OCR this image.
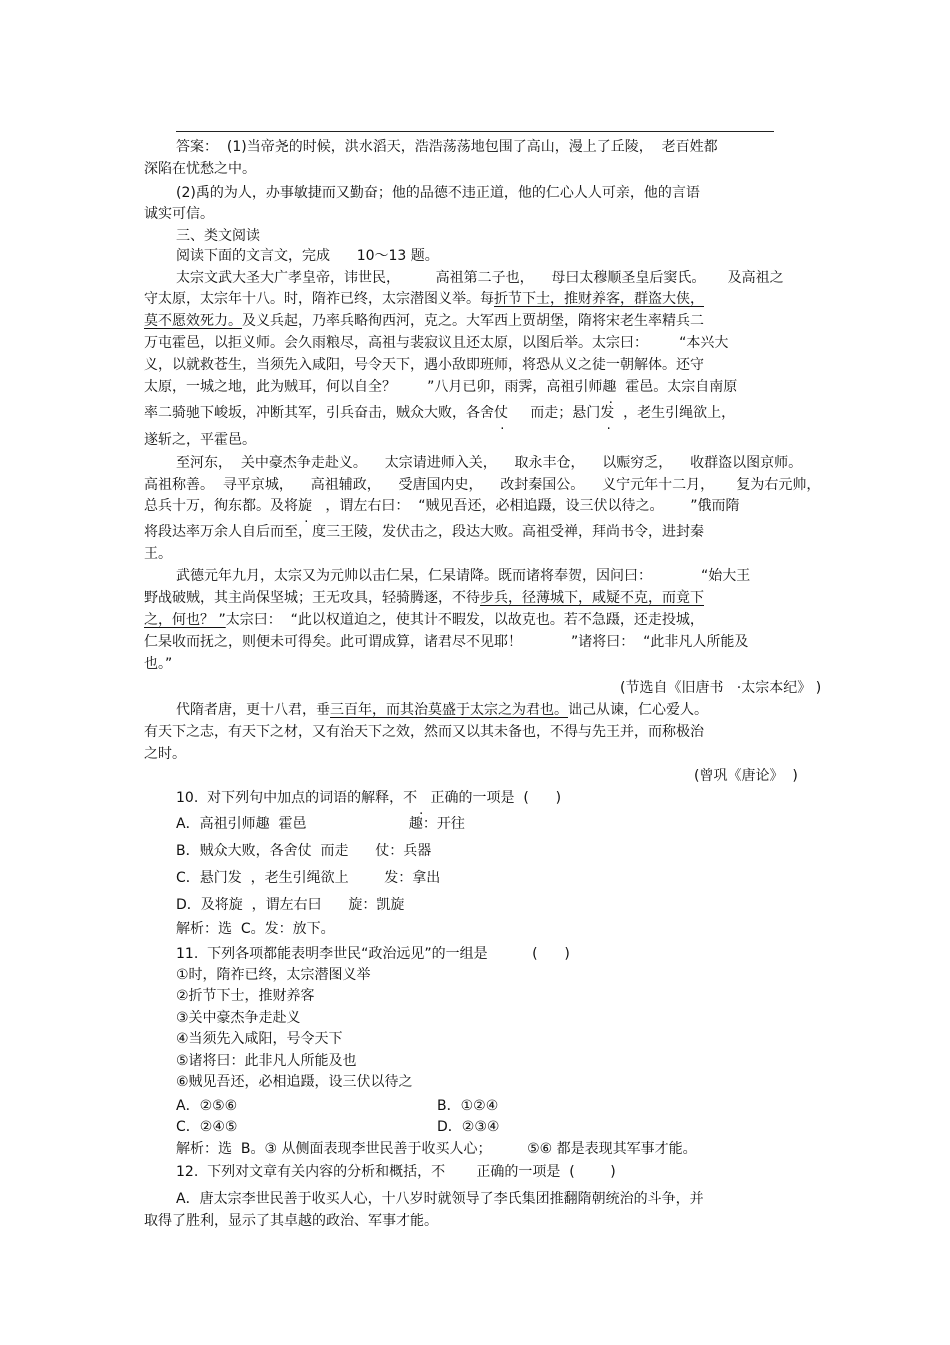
答案：  (1)当帝尧的时候，洪水滔天，浩浩荡荡地包围了高山，漫上了丘陵，  老百姓都
深陷在忧愁之中。
(2)禹的为人，办事敏捷而又勤奋；他的品德不违正道，他的仁心人人可亲，他的言语
诚实可信。
三、类文阅读
阅读下面的文言文，完成      10～13 题。
太宗文武大圣大广孝皇帝，讳世民，        高祖第二子也，    母曰太穆顺圣皇后窦氏。     及高祖之
守太原，太宗年十八。时，隋祚已终，太宗潜图义举。每折节下士，推财养客，群盗大侠，
莫不愿效死力。及义兵起，乃率兵略徇西河，克之。大军西上贾胡堡，隋将宋老生率精兵二
万屯霍邑，以拒义师。会久雨粮尽，高祖与裴寂议且还太原，以图后举。太宗曰：       “本兴大
义，以就救苍生，当须先入咸阳，号令天下，遇小敌即班师，将恐从义之徒一朝解体。还守
太原，一城之地，此为贼耳，何以自全？       ”八月已卯，雨霁，高祖引师趣  霍邑。太宗自南原
率二骑驰下峻坂，冲断其军，引兵奋击，贼众大败，各舍仗     而走；悬门发  ，老生引绳欲上，
遂斩之，平霍邑。
至河东，  关中豪杰争走赴义。    太宗请进师入关，    取永丰仓，    以赈穷乏，    收群盗以图京师。
高祖称善。  寻平京城，    高祖辅政，    受唐国内史，    改封秦国公。    义宁元年十二月，     复为右元帅，
总兵十万，徇东都。及将旋   ，谓左右曰：  “贼见吾还，必相追蹑，设三伏以待之。      ”俄而隋
将段达率万余人自后而至，度三王陵，发伏击之，段达大败。高祖受禅，拜尚书令，进封秦
王。
武德元年九月，太宗又为元帅以击仁杲，仁杲请降。既而诸将奉贺，因问曰：           “始大王
野战破贼，其主尚保坚城；王无攻具，轻骑腾逐，不待步兵，径薄城下，咸疑不克，而竟下
之，何也？ ”太宗曰：  “此以权道迫之，使其计不暇发，以故克也。若不急蹑，还走投城，
仁杲收而抚之，则便未可得矣。此可谓成算，诸君尽不见耶！           ”诸将曰：  “此非凡人所能及
也。”
(节选自《旧唐书   ·太宗本纪》 )
代隋者唐，更十八君，垂三百年，而其治莫盛于太宗之为君也。诎己从谏，仁心爱人。
有天下之志，有天下之材，又有治天下之效，然而又以其未备也，不得与先王并，而称极治
之时。
(曾巩《唐论》  )
10.  对下列句中加点的词语的解释，不  .  正确的一项是  (      )
A．高祖引师趣  霍邑                       趣：开往
B．贼众大败，各舍仗  而走      仗：兵器
C．悬门发  ，老生引绳欲上        发：拿出
D．及将旋  ，谓左右曰      旋：凯旋
解析：选  C。发：放下。
11.  下列各项都能表明李世民“政治远见”的一组是          (      )
①时，隋祚已终，太宗潜图义举
②折节下士，推财养客
③关中豪杰争走赴义
④当须先入咸阳，号令天下
⑤诸将曰：此非凡人所能及也
⑥贼见吾还，必相追蹑，设三伏以待之
A．②⑤⑥	B．①②④
C．②④⑤	D．②③④
解析：选  B。③ 从侧面表现李世民善于收买人心；        ⑤⑥ 都是表现其军事才能。
12.  下列对文章有关内容的分析和概括，不       正确的一项是  (        )
A．唐太宗李世民善于收买人心，十八岁时就领导了李氏集团推翻隋朝统治的斗争，并
取得了胜利，显示了其卓越的政治、军事才能。
